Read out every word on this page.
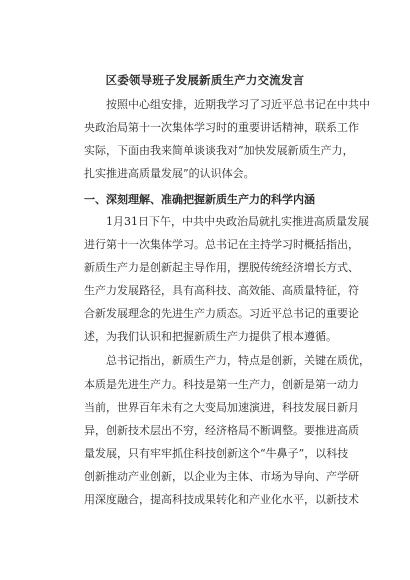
区委领导班子发展新质生产力交流发言
按照中心组安排，近期我学习了习近平总书记在中共中
央政治局第十一次集体学习时的重要讲话精神，联系工作
实际，下面由我来简单谈谈我对“加快发展新质生产力，
扎实推进高质量发展”的认识体会。
一、深刻理解、准确把握新质生产力的科学内涵
1月31日下午，中共中央政治局就扎实推进高质量发展
进行第十一次集体学习。总书记在主持学习时概括指出，
新质生产力是创新起主导作用，摆脱传统经济增长方式、
生产力发展路径，具有高科技、高效能、高质量特征，符
合新发展理念的先进生产力质态。习近平总书记的重要论
述，为我们认识和把握新质生产力提供了根本遵循。
总书记指出，新质生产力，特点是创新，关键在质优，
本质是先进生产力。科技是第一生产力，创新是第一动力
当前，世界百年未有之大变局加速演进，科技发展日新月
异，创新技术层出不穷，经济格局不断调整。要推进高质
量发展，只有牢牢抓住科技创新这个“牛鼻子”，以科技
创新推动产业创新，以企业为主体、市场为导向、产学研
用深度融合，提高科技成果转化和产业化水平，以新技术
